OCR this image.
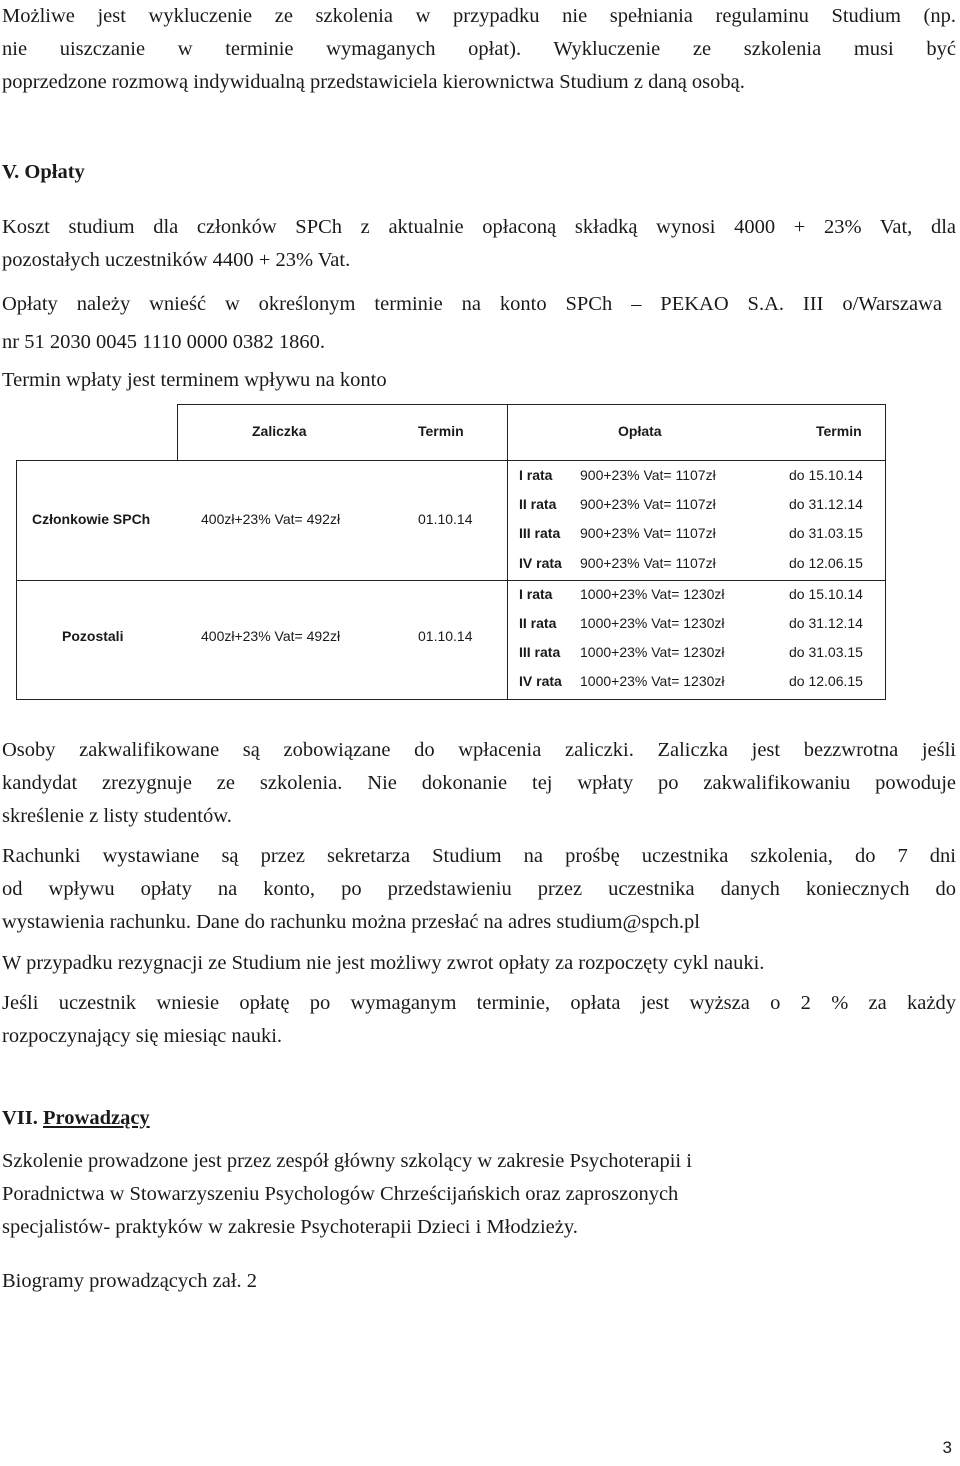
Możliwe jest wykluczenie ze szkolenia w przypadku nie spełniania regulaminu Studium (np.
nie uiszczanie w terminie wymaganych opłat). Wykluczenie ze szkolenia musi być
poprzedzone rozmową indywidualną przedstawiciela kierownictwa Studium z daną osobą.

V. Opłaty

Koszt studium dla członków SPCh z aktualnie opłaconą składką wynosi 4000 + 23% Vat, dla
pozostałych uczestników 4400 + 23% Vat.

Opłaty należy wnieść w określonym terminie na konto SPCh – PEKAO S.A. III o/Warszawa
nr 51 2030 0045 1110 0000 0382 1860.

Termin wpłaty jest terminem wpływu na konto

Zaliczka	Termin	Opłata	Termin
Członkowie SPCh	400zł+23% Vat= 492zł	01.10.14
I rata 900+23% Vat= 1107zł	do 15.10.14
II rata 900+23% Vat= 1107zł	do 31.12.14
III rata 900+23% Vat= 1107zł	do 31.03.15
IV rata 900+23% Vat= 1107zł	do 12.06.15
Pozostali	400zł+23% Vat= 492zł	01.10.14
I rata 1000+23% Vat= 1230zł	do 15.10.14
II rata 1000+23% Vat= 1230zł	do 31.12.14
III rata 1000+23% Vat= 1230zł	do 31.03.15
IV rata 1000+23% Vat= 1230zł	do 12.06.15

Osoby zakwalifikowane są zobowiązane do wpłacenia zaliczki. Zaliczka jest bezzwrotna jeśli
kandydat zrezygnuje ze szkolenia. Nie dokonanie tej wpłaty po zakwalifikowaniu powoduje
skreślenie z listy studentów.

Rachunki wystawiane są przez sekretarza Studium na prośbę uczestnika szkolenia, do 7 dni
od wpływu opłaty na konto, po przedstawieniu przez uczestnika danych koniecznych do
wystawienia rachunku. Dane do rachunku można przesłać na adres studium@spch.pl

W przypadku rezygnacji ze Studium nie jest możliwy zwrot opłaty za rozpoczęty cykl nauki.

Jeśli uczestnik wniesie opłatę po wymaganym terminie, opłata jest wyższa o 2 % za każdy
rozpoczynający się miesiąc nauki.

VII. Prowadzący

Szkolenie prowadzone jest przez zespół główny szkolący w zakresie Psychoterapii i
Poradnictwa w Stowarzyszeniu Psychologów Chrześcijańskich oraz zaproszonych
specjalistów- praktyków w zakresie Psychoterapii Dzieci i Młodzieży.

Biogramy prowadzących zał. 2

3
